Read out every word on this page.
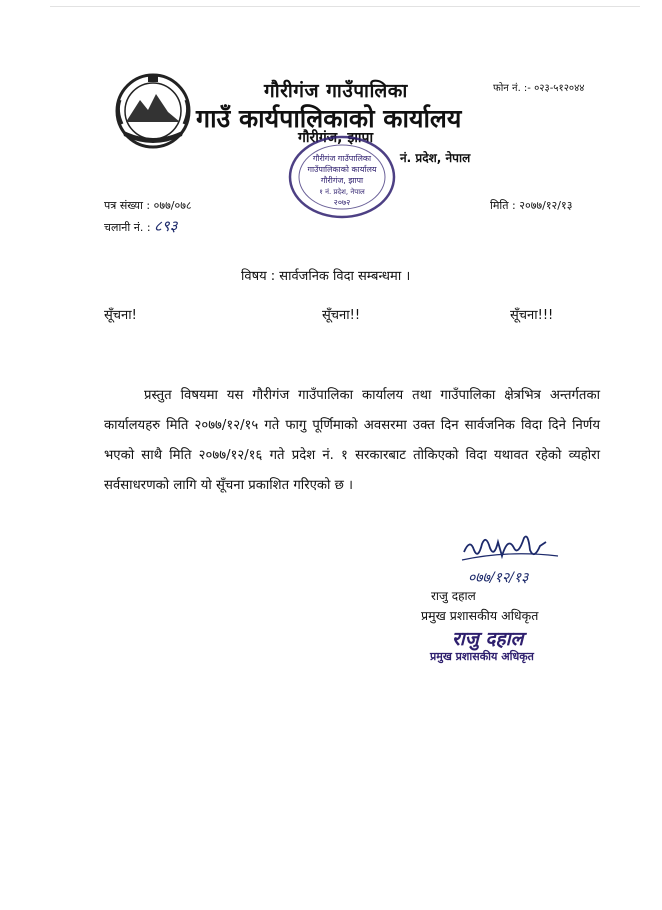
गौरीगंज गाउँपालिका
गाउँ कार्यपालिकाको कार्यालय
गौरीगंज, झापा
नं. प्रदेश, नेपाल
फोन नं. :- ०२३-५१२०४४
गौरीगंज गाउँपालिका
गाउँपालिकाको कार्यालय
गौरीगंज, झापा
१ नं. प्रदेश, नेपाल
२०७२
पत्र संख्या : ०७७/०७८
चलानी नं. : ८९३
मिति : २०७७/१२/१३
विषय : सार्वजनिक विदा सम्बन्धमा ।
सूँचना!	सूँचना!!	सूँचना!!!
प्रस्तुत विषयमा यस गौरीगंज गाउँपालिका कार्यालय तथा गाउँपालिका क्षेत्रभित्र अन्तर्गतका कार्यालयहरु मिति २०७७/१२/१५ गते फागु पूर्णिमाको अवसरमा उक्त दिन सार्वजनिक विदा दिने निर्णय भएको साथै मिति २०७७/१२/१६ गते प्रदेश नं. १ सरकारबाट तोकिएको विदा यथावत रहेको व्यहोरा सर्वसाधरणको लागि यो सूँचना प्रकाशित गरिएको छ ।
०७७/१२/१३
राजु दहाल
प्रमुख प्रशासकीय अधिकृत
राजु दहाल
प्रमुख प्रशासकीय अधिकृत
